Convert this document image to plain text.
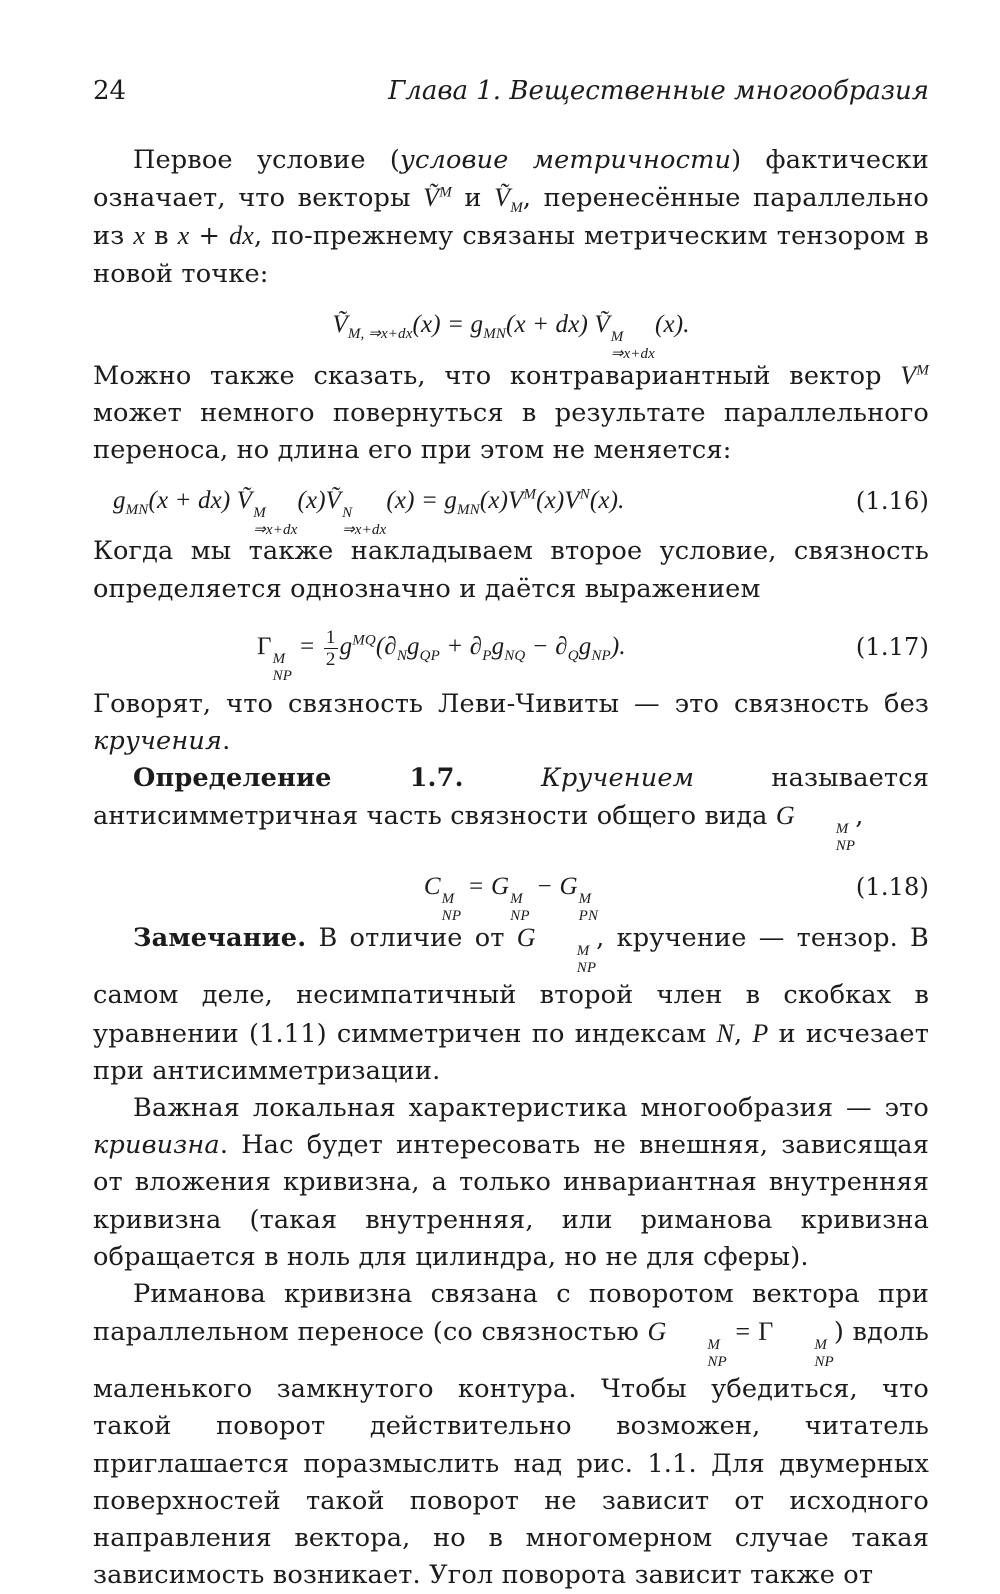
24	Глава 1. Вещественные многообразия

Первое условие (условие метричности) фактически означает, что векторы Ṽ$^M$ и Ṽ$_M$, перенесённые параллельно из x в x + dx, по-прежнему связаны метрическим тензором в новой точке:

Ṽ$_{M, \Rightarrow x+dx}$(x) = $g_{MN}(x + dx)$ Ṽ M
⇒x+dx
(x).

Можно также сказать, что контравариантный вектор $V^M$ может немного повернуться в результате параллельного переноса, но длина его при этом не меняется:

$g_{MN}(x + dx)$ Ṽ M
⇒x+dx
(x)Ṽ N
⇒x+dx
$(x) = g_{MN}(x)V^M(x)V^N(x)$.	(1.16)

Когда мы также накладываем второе условие, связность определяется однозначно и даётся выражением

Γ M
NP
= $\frac{1}{2} g^{MQ}(\partial_Ng_{QP} + \partial_Pg_{NQ} - \partial_Qg_{NP})$.	(1.17)

Говорят, что связность Леви-Чивиты — это связность без кручения.

Определение 1.7.	Кручением называется антисимметричная часть связности общего вида G	M
NP
,

C M
NP
= G M
NP
− G M
PN
(1.18)

Замечание. В отличие от G	M
NP
, кручение — тензор. В самом деле, несимпатичный второй член в скобках в уравнении (1.11) симметричен по индексам N, P и исчезает при антисимметризации.

Важная локальная характеристика многообразия — это кривизна. Нас будет интересовать не внешняя, зависящая от вложения кривизна, а только инвариантная внутренняя кривизна (такая внутренняя, или риманова кривизна обращается в ноль для цилиндра, но не для сферы).

Риманова кривизна связана с поворотом вектора при параллельном переносе (со связностью G	M
NP
= Γ	M
NP
) вдоль маленького замкнутого контура. Чтобы убедиться, что такой поворот действительно возможен, читатель приглашается поразмыслить над рис. 1.1. Для двумерных поверхностей такой поворот не зависит от исходного направления вектора, но в многомерном случае такая зависимость возникает. Угол поворота зависит также от
